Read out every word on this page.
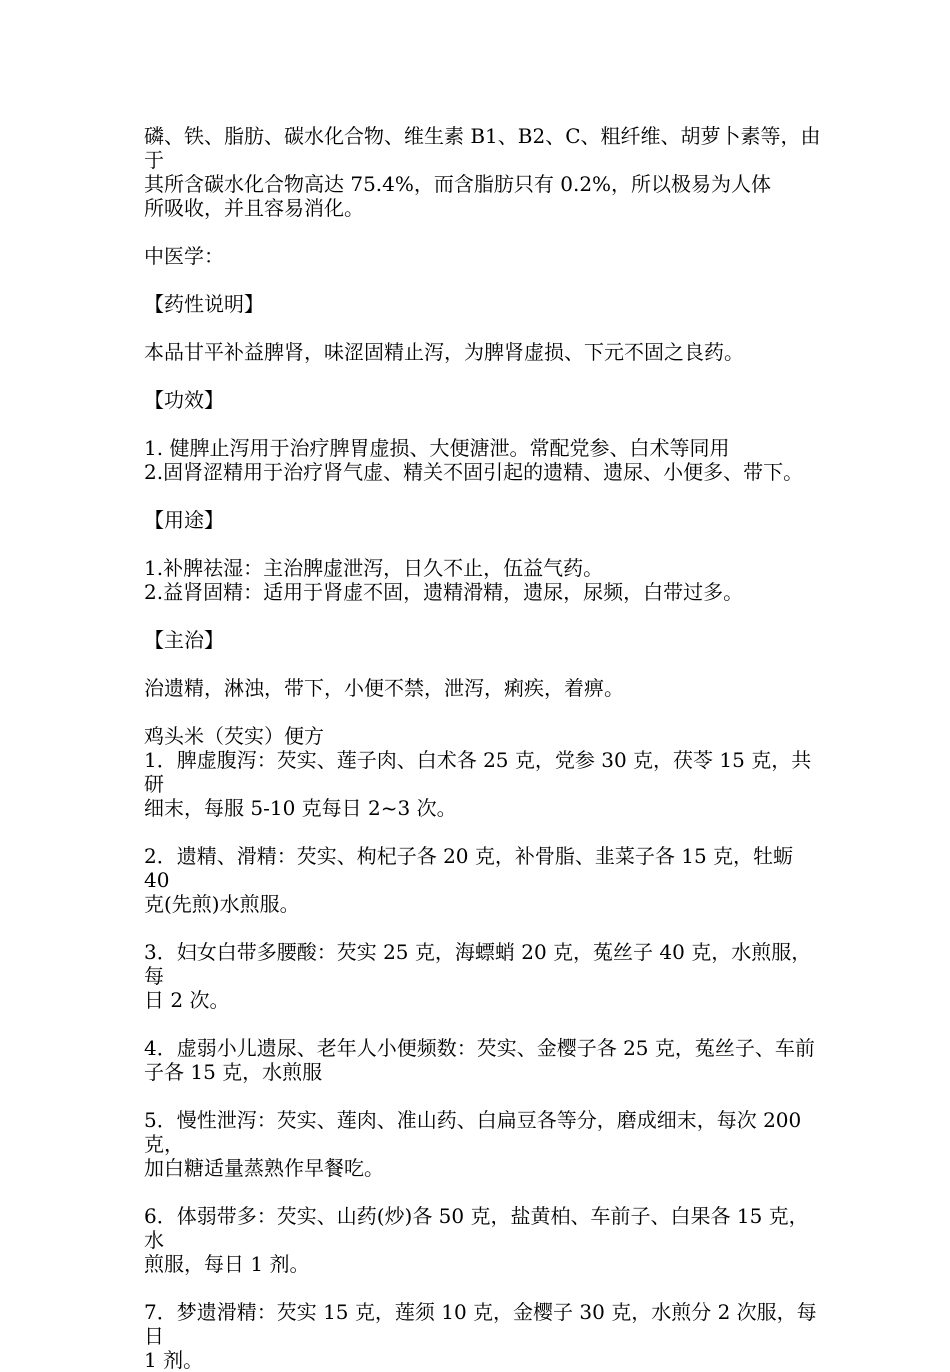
磷、铁、脂肪、碳水化合物、维生素 B1、B2、C、粗纤维、胡萝卜素等，由于

其所含碳水化合物高达 75.4%，而含脂肪只有 0.2%，所以极易为人体

所吸收，并且容易消化。

中医学：

【药性说明】

本品甘平补益脾肾，味涩固精止泻，为脾肾虚损、下元不固之良药。

【功效】

1. 健脾止泻用于治疗脾胃虚损、大便溏泄。常配党参、白术等同用

2.固肾涩精用于治疗肾气虚、精关不固引起的遗精、遗尿、小便多、带下。

【用途】

1.补脾祛湿：主治脾虚泄泻，日久不止，伍益气药。

2.益肾固精：适用于肾虚不固，遗精滑精，遗尿，尿频，白带过多。

【主治】

治遗精，淋浊，带下，小便不禁，泄泻，痢疾，着痹。

鸡头米（芡实）便方

1．脾虚腹泻：芡实、莲子肉、白术各 25 克，党参 30 克，茯苓 15 克，共研

细末，每服 5-10 克每日 2~3 次。

2．遗精、滑精：芡实、枸杞子各 20 克，补骨脂、韭菜子各 15 克，牡蛎 40

克(先煎)水煎服。

3．妇女白带多腰酸：芡实 25 克，海螵蛸 20 克，菟丝子 40 克，水煎服，每

日 2 次。

4．虚弱小儿遗尿、老年人小便频数：芡实、金樱子各 25 克，菟丝子、车前

子各 15 克，水煎服

5．慢性泄泻：芡实、莲肉、准山药、白扁豆各等分，磨成细末，每次 200 克，

加白糖适量蒸熟作早餐吃。

6．体弱带多：芡实、山药(炒)各 50 克，盐黄柏、车前子、白果各 15 克，水

煎服，每日 1 剂。

7．梦遗滑精：芡实 15 克，莲须 10 克，金樱子 30 克，水煎分 2 次服，每日

1 剂。
